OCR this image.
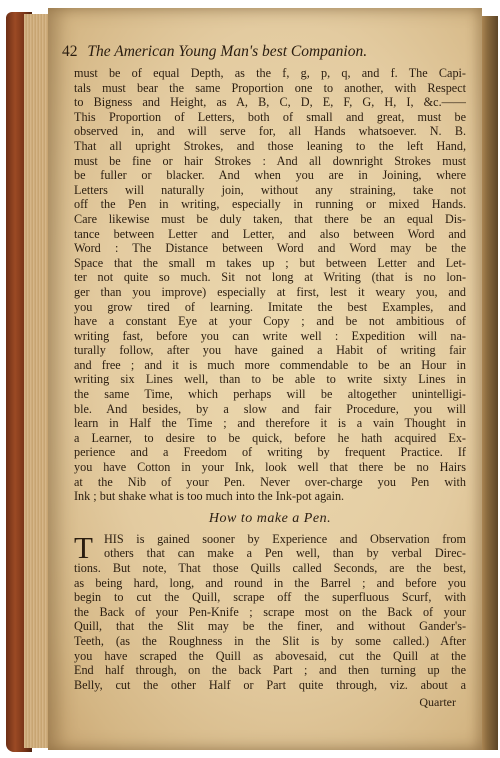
42 The American Young Man's best Companion.
must be of equal Depth, as the f, g, p, q, and f. The Capi-
tals must bear the same Proportion one to another, with Respect
to Bigness and Height, as A, B, C, D, E, F, G, H, I, &c.——
This Proportion of Letters, both of small and great, must be
observed in, and will serve for, all Hands whatsoever. N. B.
That all upright Strokes, and those leaning to the left Hand,
must be fine or hair Strokes : And all downright Strokes must
be fuller or blacker. And when you are in Joining, where
Letters will naturally join, without any straining, take not
off the Pen in writing, especially in running or mixed Hands.
Care likewise must be duly taken, that there be an equal Dis-
tance between Letter and Letter, and also between Word and
Word : The Distance between Word and Word may be the
Space that the small m takes up ; but between Letter and Let-
ter not quite so much. Sit not long at Writing (that is no lon-
ger than you improve) especially at first, lest it weary you, and
you grow tired of learning. Imitate the best Examples, and
have a constant Eye at your Copy ; and be not ambitious of
writing fast, before you can write well : Expedition will na-
turally follow, after you have gained a Habit of writing fair
and free ; and it is much more commendable to be an Hour in
writing six Lines well, than to be able to write sixty Lines in
the same Time, which perhaps will be altogether unintelligi-
ble. And besides, by a slow and fair Procedure, you will
learn in Half the Time ; and therefore it is a vain Thought in
a Learner, to desire to be quick, before he hath acquired Ex-
perience and a Freedom of writing by frequent Practice. If
you have Cotton in your Ink, look well that there be no Hairs
at the Nib of your Pen. Never over-charge you Pen with
Ink ; but shake what is too much into the Ink-pot again.
How to make a Pen.
T HIS is gained sooner by Experience and Observation from
others that can make a Pen well, than by verbal Direc-
tions. But note, That those Quills called Seconds, are the best,
as being hard, long, and round in the Barrel ; and before you
begin to cut the Quill, scrape off the superfluous Scurf, with
the Back of your Pen-Knife ; scrape most on the Back of your
Quill, that the Slit may be the finer, and without Gander's-
Teeth, (as the Roughness in the Slit is by some called.) After
you have scraped the Quill as abovesaid, cut the Quill at the
End half through, on the back Part ; and then turning up the
Belly, cut the other Half or Part quite through, viz. about a
Quarter
